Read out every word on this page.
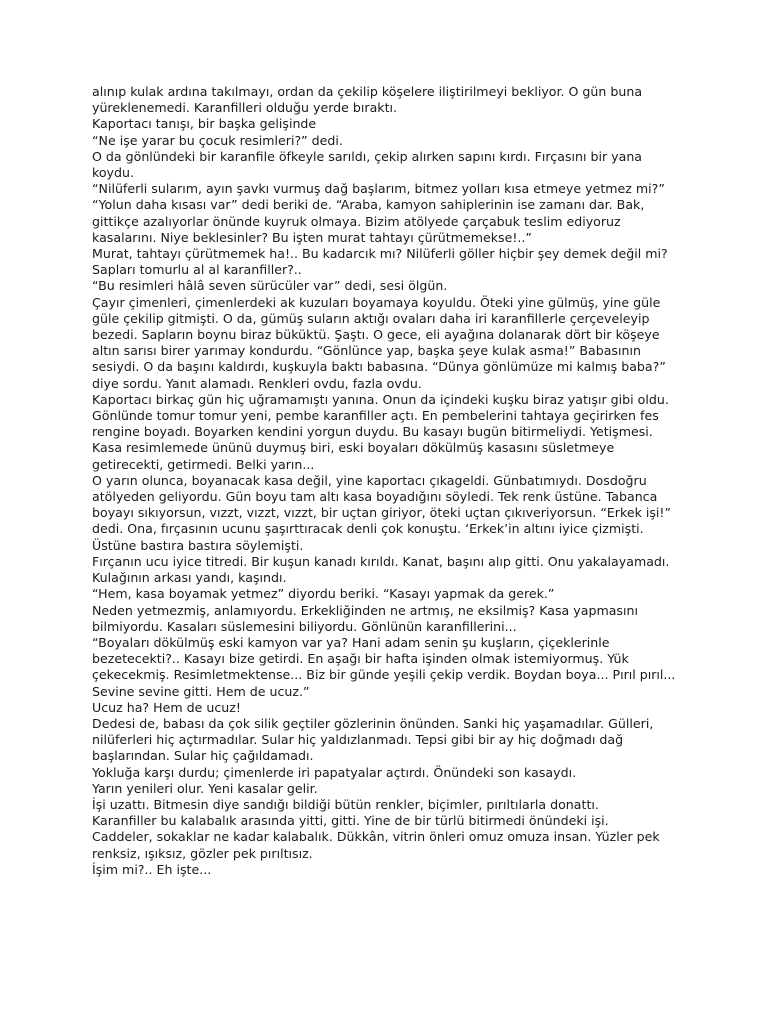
alınıp kulak ardına takılmayı, ordan da çekilip köşelere iliştirilmeyi bekliyor. O gün buna yüreklenemedi. Karanfilleri olduğu yerde bıraktı.

Kaportacı tanışı, bir başka gelişinde

“Ne işe yarar bu çocuk resimleri?” dedi.

O da gönlündeki bir karanfile öfkeyle sarıldı, çekip alırken sapını kırdı. Fırçasını bir yana koydu.

“Nilüferli sularım, ayın şavkı vurmuş dağ başlarım, bitmez yolları kısa etmeye yetmez mi?”

“Yolun daha kısası var” dedi beriki de. “Araba, kamyon sahiplerinin ise zamanı dar. Bak, gittikçe azalıyorlar önünde kuyruk olmaya. Bizim atölyede çarçabuk teslim ediyoruz kasalarını. Niye beklesinler? Bu işten murat tahtayı çürütmemekse!..”

Murat, tahtayı çürütmemek ha!.. Bu kadarcık mı? Nilüferli göller hiçbir şey demek değil mi? Sapları tomurlu al al karanfiller?..

“Bu resimleri hâlâ seven sürücüler var” dedi, sesi ölgün.

Çayır çimenleri, çimenlerdeki ak kuzuları boyamaya koyuldu. Öteki yine gülmüş, yine güle güle çekilip gitmişti. O da, gümüş suların aktığı ovaları daha iri karanfillerle çerçeveleyip bezedi. Sapların boynu biraz büküktü. Şaştı. O gece, eli ayağına dolanarak dört bir köşeye altın sarısı birer yarımay kondurdu. “Gönlünce yap, başka şeye kulak asma!” Babasının sesiydi. O da başını kaldırdı, kuşkuyla baktı babasına. “Dünya gönlümüze mi kalmış baba?” diye sordu. Yanıt alamadı. Renkleri ovdu, fazla ovdu.

Kaportacı birkaç gün hiç uğramamıştı yanına. Onun da içindeki kuşku biraz yatışır gibi oldu. Gönlünde tomur tomur yeni, pembe karanfiller açtı. En pembelerini tahtaya geçirirken fes rengine boyadı. Boyarken kendini yorgun duydu. Bu kasayı bugün bitirmeliydi. Yetişmesi. Kasa resimlemede ününü duymuş biri, eski boyaları dökülmüş kasasını süsletmeye getirecekti, getirmedi. Belki yarın...

O yarın olunca, boyanacak kasa değil, yine kaportacı çıkageldi. Günbatımıydı. Dosdoğru atölyeden geliyordu. Gün boyu tam altı kasa boyadığını söyledi. Tek renk üstüne. Tabanca boyayı sıkıyorsun, vızzt, vızzt, vızzt, bir uçtan giriyor, öteki uçtan çıkıveriyorsun. “Erkek işi!” dedi. Ona, fırçasının ucunu şaşırttıracak denli çok konuştu. ‘Erkek’in altını iyice çizmişti. Üstüne bastıra bastıra söylemişti.

Fırçanın ucu iyice titredi. Bir kuşun kanadı kırıldı. Kanat, başını alıp gitti. Onu yakalayamadı. Kulağının arkası yandı, kaşındı.

“Hem, kasa boyamak yetmez” diyordu beriki. “Kasayı yapmak da gerek.”

Neden yetmezmiş, anlamıyordu. Erkekliğinden ne artmış, ne eksilmiş? Kasa yapmasını bilmiyordu. Kasaları süslemesini biliyordu. Gönlünün karanfillerini...

“Boyaları dökülmüş eski kamyon var ya? Hani adam senin şu kuşların, çiçeklerinle bezetecekti?.. Kasayı bize getirdi. En aşağı bir hafta işinden olmak istemiyormuş. Yük çekecekmiş. Resimletmektense... Biz bir günde yeşili çekip verdik. Boydan boya... Pırıl pırıl... Sevine sevine gitti. Hem de ucuz.”

Ucuz ha? Hem de ucuz!

Dedesi de, babası da çok silik geçtiler gözlerinin önünden. Sanki hiç yaşamadılar. Gülleri, nilüferleri hiç açtırmadılar. Sular hiç yaldızlanmadı. Tepsi gibi bir ay hiç doğmadı dağ başlarından. Sular hiç çağıldamadı.

Yokluğa karşı durdu; çimenlerde iri papatyalar açtırdı. Önündeki son kasaydı.

Yarın yenileri olur. Yeni kasalar gelir.

İşi uzattı. Bitmesin diye sandığı bildiği bütün renkler, biçimler, pırıltılarla donattı.

Karanfiller bu kalabalık arasında yitti, gitti. Yine de bir türlü bitirmedi önündeki işi.

Caddeler, sokaklar ne kadar kalabalık. Dükkân, vitrin önleri omuz omuza insan. Yüzler pek renksiz, ışıksız, gözler pek pırıltısız.

İşim mi?.. Eh işte...
